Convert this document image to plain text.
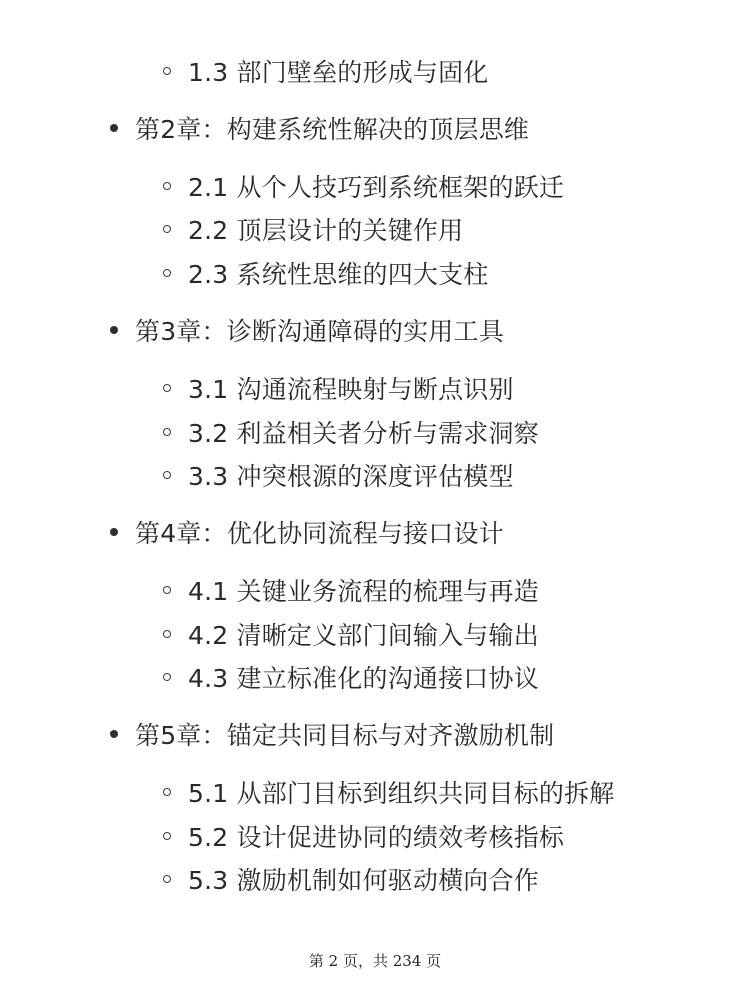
1.3 部门壁垒的形成与固化
第2章：构建系统性解决的顶层思维
2.1 从个人技巧到系统框架的跃迁
2.2 顶层设计的关键作用
2.3 系统性思维的四大支柱
第3章：诊断沟通障碍的实用工具
3.1 沟通流程映射与断点识别
3.2 利益相关者分析与需求洞察
3.3 冲突根源的深度评估模型
第4章：优化协同流程与接口设计
4.1 关键业务流程的梳理与再造
4.2 清晰定义部门间输入与输出
4.3 建立标准化的沟通接口协议
第5章：锚定共同目标与对齐激励机制
5.1 从部门目标到组织共同目标的拆解
5.2 设计促进协同的绩效考核指标
5.3 激励机制如何驱动横向合作
第 2 页，共 234 页
